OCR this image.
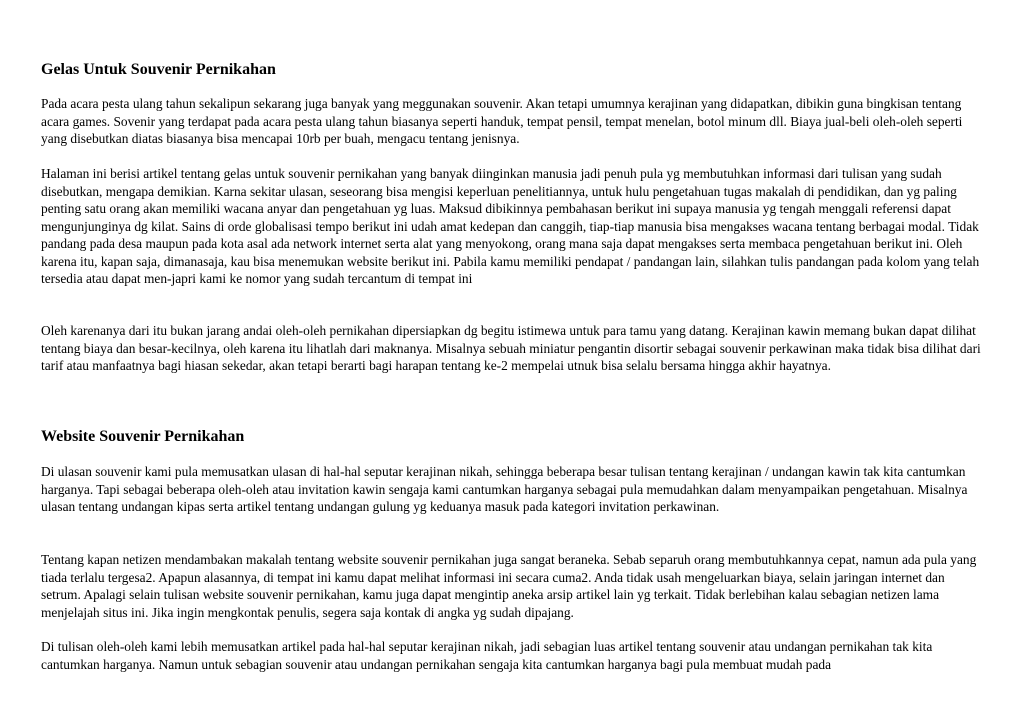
Gelas Untuk Souvenir Pernikahan

Pada acara pesta ulang tahun sekalipun sekarang juga banyak yang meggunakan souvenir. Akan tetapi umumnya kerajinan yang didapatkan, dibikin guna bingkisan tentang acara games. Sovenir yang terdapat pada acara pesta ulang tahun biasanya seperti handuk, tempat pensil, tempat menelan, botol minum dll. Biaya jual-beli oleh-oleh seperti yang disebutkan diatas biasanya bisa mencapai 10rb per buah, mengacu tentang jenisnya.

Halaman ini berisi artikel tentang gelas untuk souvenir pernikahan yang banyak diinginkan manusia jadi penuh pula yg membutuhkan informasi dari tulisan yang sudah disebutkan, mengapa demikian. Karna sekitar ulasan, seseorang bisa mengisi keperluan penelitiannya, untuk hulu pengetahuan tugas makalah di pendidikan, dan yg paling penting satu orang akan memiliki wacana anyar dan pengetahuan yg luas. Maksud dibikinnya pembahasan berikut ini supaya manusia yg tengah menggali referensi dapat mengunjunginya dg kilat. Sains di orde globalisasi tempo berikut ini udah amat kedepan dan canggih, tiap-tiap manusia bisa mengakses wacana tentang berbagai modal. Tidak pandang pada desa maupun pada kota asal ada network internet serta alat yang menyokong, orang mana saja dapat mengakses serta membaca pengetahuan berikut ini. Oleh karena itu, kapan saja, dimanasaja, kau bisa menemukan website berikut ini. Pabila kamu memiliki pendapat / pandangan lain, silahkan tulis pandangan pada kolom yang telah tersedia atau dapat men-japri kami ke nomor yang sudah tercantum di tempat ini

Oleh karenanya dari itu bukan jarang andai oleh-oleh pernikahan dipersiapkan dg begitu istimewa untuk para tamu yang datang. Kerajinan kawin memang bukan dapat dilihat tentang biaya dan besar-kecilnya, oleh karena itu lihatlah dari maknanya. Misalnya sebuah miniatur pengantin disortir sebagai souvenir perkawinan maka tidak bisa dilihat dari tarif atau manfaatnya bagi hiasan sekedar, akan tetapi berarti bagi harapan tentang ke-2 mempelai utnuk bisa selalu bersama hingga akhir hayatnya.

Website Souvenir Pernikahan

Di ulasan souvenir kami pula memusatkan ulasan di hal-hal seputar kerajinan nikah, sehingga beberapa besar tulisan tentang kerajinan / undangan kawin tak kita cantumkan harganya. Tapi sebagai beberapa oleh-oleh atau invitation kawin sengaja kami cantumkan harganya sebagai pula memudahkan dalam menyampaikan pengetahuan. Misalnya ulasan tentang undangan kipas serta artikel tentang undangan gulung yg keduanya masuk pada kategori invitation perkawinan.

Tentang kapan netizen mendambakan makalah tentang website souvenir pernikahan juga sangat beraneka. Sebab separuh orang membutuhkannya cepat, namun ada pula yang tiada terlalu tergesa2. Apapun alasannya, di tempat ini kamu dapat melihat informasi ini secara cuma2. Anda tidak usah mengeluarkan biaya, selain jaringan internet dan setrum. Apalagi selain tulisan website souvenir pernikahan, kamu juga dapat mengintip aneka arsip artikel lain yg terkait. Tidak berlebihan kalau sebagian netizen lama menjelajah situs ini. Jika ingin mengkontak penulis, segera saja kontak di angka yg sudah dipajang.

Di tulisan oleh-oleh kami lebih memusatkan artikel pada hal-hal seputar kerajinan nikah, jadi sebagian luas artikel tentang souvenir atau undangan pernikahan tak kita cantumkan harganya. Namun untuk sebagian souvenir atau undangan pernikahan sengaja kita cantumkan harganya bagi pula membuat mudah pada
